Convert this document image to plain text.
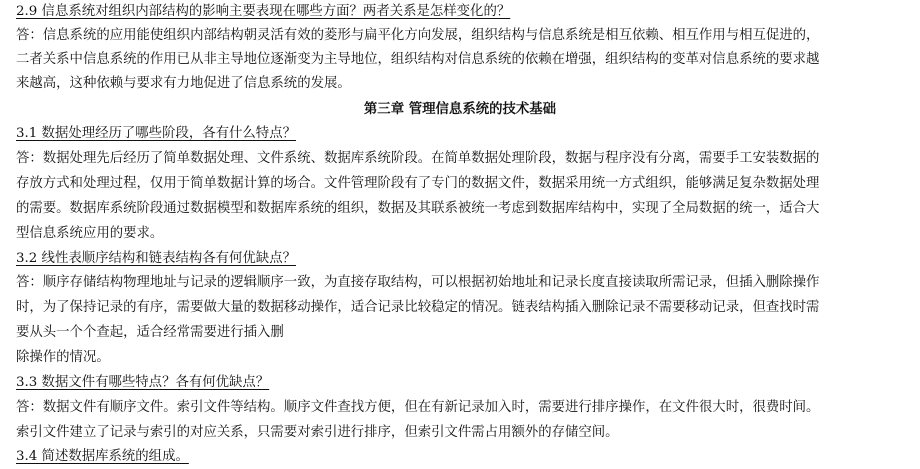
2.9 信息系统对组织内部结构的影响主要表现在哪些方面？两者关系是怎样变化的？
答：信息系统的应用能使组织内部结构朝灵活有效的菱形与扁平化方向发展，组织结构与信息系统是相互依赖、相互作用与相互促进的，
二者关系中信息系统的作用已从非主导地位逐渐变为主导地位，组织结构对信息系统的依赖在增强，组织结构的变革对信息系统的要求越
来越高，这种依赖与要求有力地促进了信息系统的发展。
第三章 管理信息系统的技术基础
3.1 数据处理经历了哪些阶段，各有什么特点？
答：数据处理先后经历了简单数据处理、文件系统、数据库系统阶段。在简单数据处理阶段，数据与程序没有分离，需要手工安装数据的
存放方式和处理过程，仅用于简单数据计算的场合。文件管理阶段有了专门的数据文件，数据采用统一方式组织，能够满足复杂数据处理
的需要。数据库系统阶段通过数据模型和数据库系统的组织，数据及其联系被统一考虑到数据库结构中，实现了全局数据的统一，适合大
型信息系统应用的要求。
3.2 线性表顺序结构和链表结构各有何优缺点？
答：顺序存储结构物理地址与记录的逻辑顺序一致，为直接存取结构，可以根据初始地址和记录长度直接读取所需记录，但插入删除操作
时，为了保持记录的有序，需要做大量的数据移动操作，适合记录比较稳定的情况。链表结构插入删除记录不需要移动记录，但查找时需
要从头一个个查起，适合经常需要进行插入删
除操作的情况。
3.3 数据文件有哪些特点？各有何优缺点？
答：数据文件有顺序文件。索引文件等结构。顺序文件查找方便，但在有新记录加入时，需要进行排序操作，在文件很大时，很费时间。
索引文件建立了记录与索引的对应关系，只需要对索引进行排序，但索引文件需占用额外的存储空间。
3.4 简述数据库系统的组成。
